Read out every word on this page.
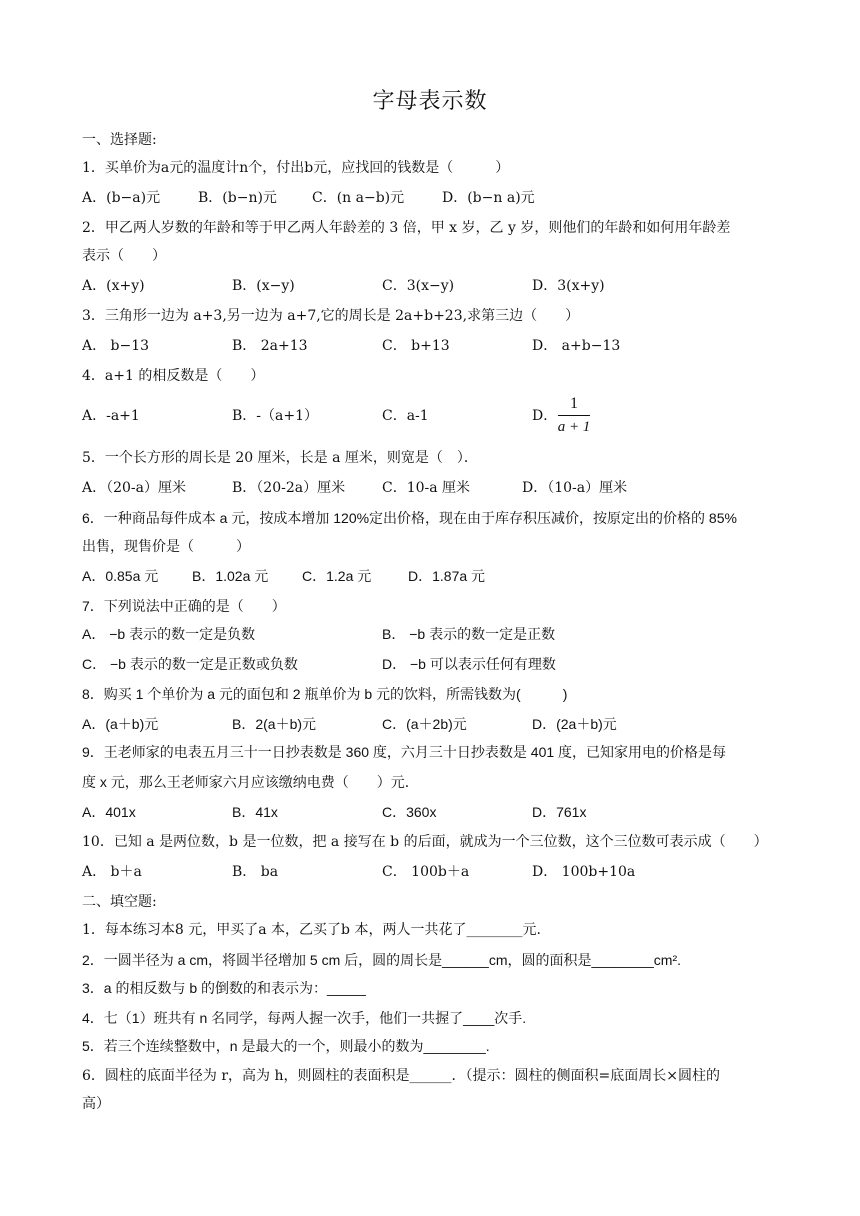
字母表示数
一、选择题:
1．买单价为a元的温度计n个，付出b元，应找回的钱数是（　　　）
A．(b−a)元	B．(b−n)元	C．(n a−b)元	D．(b−n a)元
2．甲乙两人岁数的年龄和等于甲乙两人年龄差的 3 倍，甲 x 岁，乙 y 岁，则他们的年龄和如何用年龄差
表示（　　）
A．(x+y)	B．(x−y)	C．3(x−y)	D．3(x+y)
3．三角形一边为 a+3,另一边为 a+7,它的周长是 2a+b+23,求第三边（　　）
A． b−13	B． 2a+13	C． b+13	D． a+b−13
4．a+1 的相反数是（　　）
A．-a+1	B．-（a+1）	C．a-1	D．
1
a + 1
5．一个长方形的周长是 20 厘米，长是 a 厘米，则宽是（　）．
A．（20-a）厘米	B．（20-2a）厘米	C．10-a 厘米	D．（10-a）厘米
6．一种商品每件成本 a 元，按成本增加 120%定出价格，现在由于库存积压减价，按原定出的价格的 85%
出售，现售价是（　　　）
A．0.85a 元 B．1.02a 元 C．1.2a 元	D．1.87a 元
7．下列说法中正确的是（　　）
A． −b 表示的数一定是负数	B． −b 表示的数一定是正数
C． −b 表示的数一定是正数或负数	D． −b 可以表示任何有理数
8．购买 1 个单价为 a 元的面包和 2 瓶单价为 b 元的饮料，所需钱数为(　　　)
A．(a＋b)元	B．2(a＋b)元	C．(a＋2b)元	D．(2a＋b)元
9．王老师家的电表五月三十一日抄表数是 360 度，六月三十日抄表数是 401 度，已知家用电的价格是每
度 x 元，那么王老师家六月应该缴纳电费（　　）元．
A．401x	B．41x	C．360x	D．761x
10．已知 a 是两位数，b 是一位数，把 a 接写在 b 的后面，就成为一个三位数，这个三位数可表示成（　　）
A． b＋a	B． ba	C． 100b＋a	D． 100b+10a
二、填空题:
1．每本练习本8 元，甲买了a 本，乙买了b 本，两人一共花了________元.
2．一圆半径为 a cm，将圆半径增加 5 cm 后，圆的周长是______cm，圆的面积是________cm².
3．a 的相反数与 b 的倒数的和表示为：_____
4．七（1）班共有 n 名同学，每两人握一次手，他们一共握了____次手.
5．若三个连续整数中，n 是最大的一个，则最小的数为________.
6．圆柱的底面半径为 r，高为 h，则圆柱的表面积是______．（提示：圆柱的侧面积=底面周长×圆柱的
高）
